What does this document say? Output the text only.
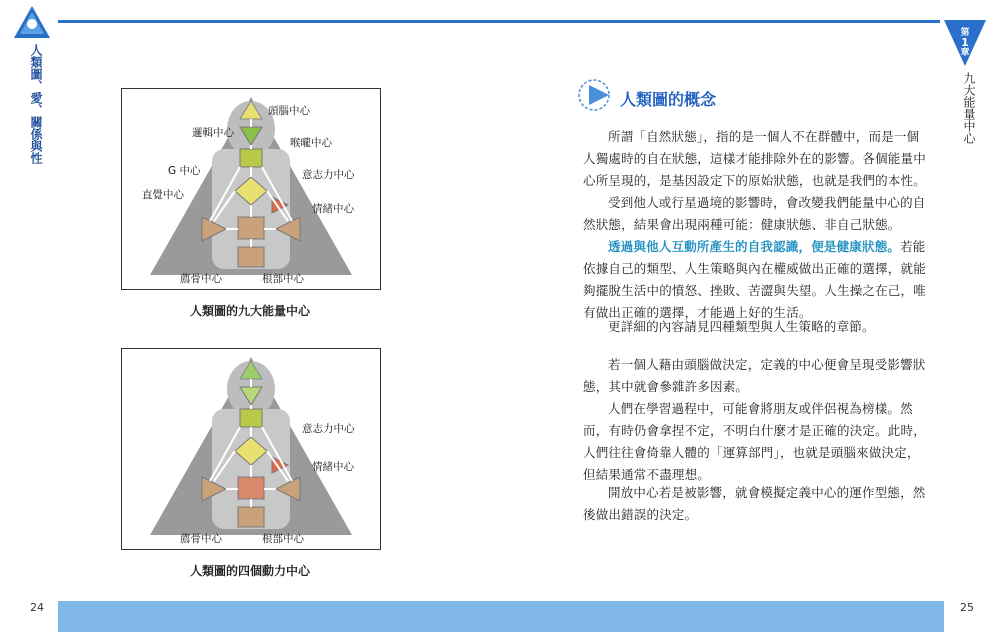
人類圖、愛、關係與性
第
1
章
九大能量中心
頭腦中心
邏輯中心
喉嚨中心
G 中心	意志力中心
直覺中心
情緒中心
薦骨中心	根部中心
人類圖的九大能量中心
意志力中心
情緒中心
薦骨中心	根部中心
人類圖的四個動力中心
人類圖的概念
所謂「自然狀態」，指的是一個人不在群體中，而是一個人獨處時的自在狀態，這樣才能排除外在的影響。各個能量中心所呈現的，是基因設定下的原始狀態，也就是我們的本性。
受到他人或行星過境的影響時，會改變我們能量中心的自然狀態，結果會出現兩種可能：健康狀態、非自己狀態。
透過與他人互動所產生的自我認識，便是健康狀態。若能依據自己的類型、人生策略與內在權威做出正確的選擇，就能夠擺脫生活中的憤怒、挫敗、苦澀與失望。人生操之在己，唯有做出正確的選擇，才能過上好的生活。
更詳細的內容請見四種類型與人生策略的章節。
若一個人藉由頭腦做決定，定義的中心便會呈現受影響狀態，其中就會參雜許多因素。
人們在學習過程中，可能會將朋友或伴侶視為榜樣。然而，有時仍會拿捏不定，不明白什麼才是正確的決定。此時，人們往往會倚靠人體的「運算部門」，也就是頭腦來做決定，但結果通常不盡理想。
開放中心若是被影響，就會模擬定義中心的運作型態，然後做出錯誤的決定。
24	25
